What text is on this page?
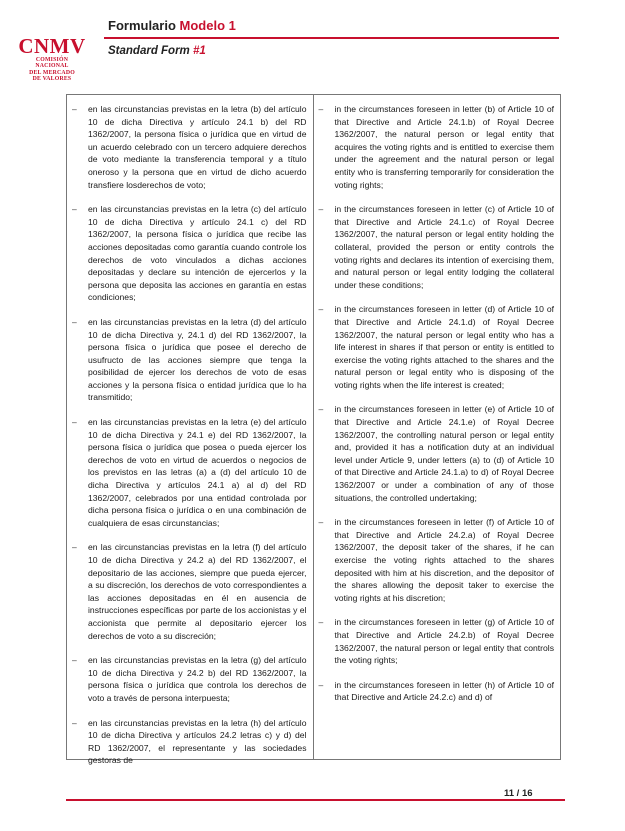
CNMV
COMISIÓN
NACIONAL
DEL MERCADO
DE VALORES
Formulario Modelo 1
Standard Form #1
–	en las circunstancias previstas en la letra (b) del artículo 10 de dicha Directiva y artículo 24.1 b) del RD 1362/2007, la persona física o jurídica que en virtud de un acuerdo celebrado con un tercero adquiere derechos de voto mediante la transferencia temporal y a título oneroso y la persona que en virtud de dicho acuerdo transfiere losderechos de voto;
–	en las circunstancias previstas en la letra (c) del artículo 10 de dicha Directiva y artículo 24.1 c) del RD 1362/2007, la persona física o jurídica que recibe las acciones depositadas como garantía cuando controle los derechos de voto vinculados a dichas acciones depositadas y declare su intención de ejercerlos y la persona que deposita las acciones en garantía en estas condiciones;
–	en las circunstancias previstas en la letra (d) del artículo 10 de dicha Directiva y, 24.1 d) del RD 1362/2007, la persona física o jurídica que posee el derecho de usufructo de las acciones siempre que tenga la posibilidad de ejercer los derechos de voto de esas acciones y la persona física o entidad jurídica que lo ha transmitido;
–	en las circunstancias previstas en la letra (e) del artículo 10 de dicha Directiva y 24.1 e) del RD 1362/2007, la persona física o jurídica que posea o pueda ejercer los derechos de voto en virtud de acuerdos o negocios de los previstos en las letras (a) a (d) del artículo 10 de dicha Directiva y artículos 24.1 a) al d) del RD 1362/2007, celebrados por una entidad controlada por dicha persona física o jurídica o en una combinación de cualquiera de esas circunstancias;
–	en las circunstancias previstas en la letra (f) del artículo 10 de dicha Directiva y 24.2 a) del RD 1362/2007, el depositario de las acciones, siempre que pueda ejercer, a su discreción, los derechos de voto correspondientes a las acciones depositadas en él en ausencia de instrucciones específicas por parte de los accionistas y el accionista que permite al depositario ejercer los derechos de voto a su discreción;
–	en las circunstancias previstas en la letra (g) del artículo 10 de dicha Directiva y 24.2 b) del RD 1362/2007, la persona física o jurídica que controla los derechos de voto a través de persona interpuesta;
–	en las circunstancias previstas en la letra (h) del artículo 10 de dicha Directiva y artículos 24.2 letras c) y d) del RD 1362/2007, el representante y las sociedades gestoras de
–	in the circumstances foreseen in letter (b) of Article 10 of that Directive and Article 24.1.b) of Royal Decree 1362/2007, the natural person or legal entity that acquires the voting rights and is entitled to exercise them under the agreement and the natural person or legal entity who is transferring temporarily for consideration the voting rights;
–	in the circumstances foreseen in letter (c) of Article 10 of that Directive and Article 24.1.c) of Royal Decree 1362/2007, the natural person or legal entity holding the collateral, provided the person or entity controls the voting rights and declares its intention of exercising them, and natural person or legal entity lodging the collateral under these conditions;
–	in the circumstances foreseen in letter (d) of Article 10 of that Directive and Article 24.1.d) of Royal Decree 1362/2007, the natural person or legal entity who has a life interest in shares if that person or entity is entitled to exercise the voting rights attached to the shares and the natural person or legal entity who is disposing of the voting rights when the life interest is created;
–	in the circumstances foreseen in letter (e) of Article 10 of that Directive and Article 24.1.e) of Royal Decree 1362/2007, the controlling natural person or legal entity and, provided it has a notification duty at an individual level under Article 9, under letters (a) to (d) of Article 10 of that Directive and Article 24.1.a) to d) of Royal Decree 1362/2007 or under a combination of any of those situations, the controlled undertaking;
–	in the circumstances foreseen in letter (f) of Article 10 of that Directive and Article 24.2.a) of Royal Decree 1362/2007, the deposit taker of the shares, if he can exercise the voting rights attached to the shares deposited with him at his discretion, and the depositor of the shares allowing the deposit taker to exercise the voting rights at his discretion;
–	in the circumstances foreseen in letter (g) of Article 10 of that Directive and Article 24.2.b) of Royal Decree 1362/2007, the natural person or legal entity that controls the voting rights;
–	in the circumstances foreseen in letter (h) of Article 10 of that Directive and Article 24.2.c) and d) of
11 / 16
